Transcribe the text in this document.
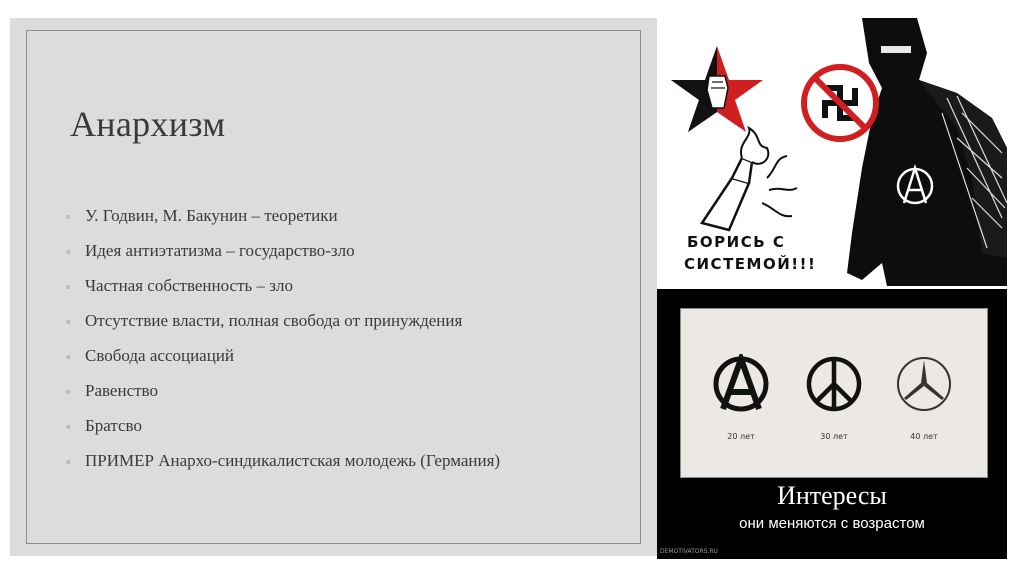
Анархизм
◦ У. Годвин, М. Бакунин – теоретики
◦ Идея антиэтатизма – государство-зло
◦ Частная собственность – зло
◦ Отсутствие власти, полная свобода от принуждения
◦ Свобода ассоциаций
◦ Равенство
◦ Братсво
◦ ПРИМЕР Анархо-синдикалистская молодежь (Германия)
БОРИСЬ С
СИСТЕМОЙ!!!
20 лет	30 лет	40 лет
Интересы
они меняются с возрастом
DEMOTIVATORS.RU
